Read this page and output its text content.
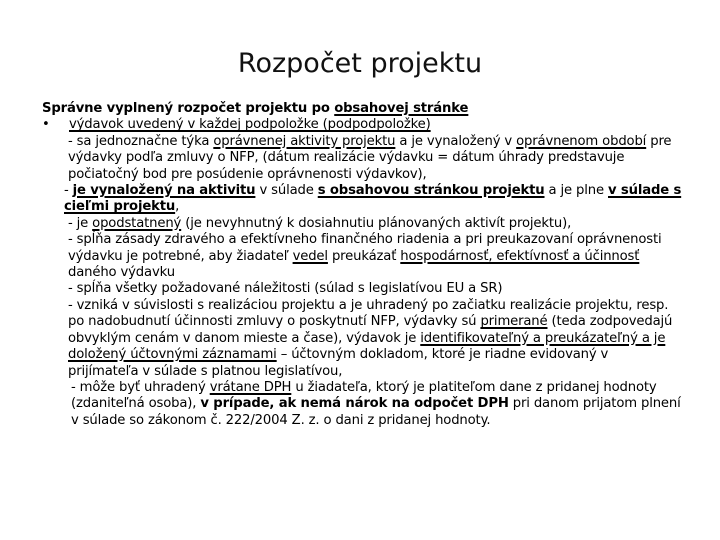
Rozpočet projektu

Správne vyplnený rozpočet projektu po obsahovej stránke

• výdavok uvedený v každej podpoložke (podpodpoložke)

- sa jednoznačne týka oprávnenej aktivity projektu a je vynaložený v oprávnenom období pre výdavky podľa zmluvy o NFP, (dátum realizácie výdavku = dátum úhrady predstavuje počiatočný bod pre posúdenie oprávnenosti výdavkov),

- je vynaložený na aktivitu v súlade s obsahovou stránkou projektu a je plne v súlade s cieľmi projektu,

- je opodstatnený (je nevyhnutný k dosiahnutiu plánovaných aktivít projektu),

- spĺňa zásady zdravého a efektívneho finančného riadenia a pri preukazovaní oprávnenosti výdavku je potrebné, aby žiadateľ vedel preukázať hospodárnosť, efektívnosť a účinnosť daného výdavku

- spĺňa všetky požadované náležitosti (súlad s legislatívou EU a SR)

- vzniká v súvislosti s realizáciou projektu a je uhradený po začiatku realizácie projektu, resp. po nadobudnutí účinnosti zmluvy o poskytnutí NFP, výdavky sú primerané (teda zodpovedajú obvyklým cenám v danom mieste a čase), výdavok je identifikovateľný a preukázateľný a je doložený účtovnými záznamami – účtovným dokladom, ktoré je riadne evidovaný v prijímateľa v súlade s platnou legislatívou,

- môže byť uhradený vrátane DPH u žiadateľa, ktorý je platiteľom dane z pridanej hodnoty (zdaniteľná osoba), v prípade, ak nemá nárok na odpočet DPH pri danom prijatom plnení v súlade so zákonom č. 222/2004 Z. z. o dani z pridanej hodnoty.
